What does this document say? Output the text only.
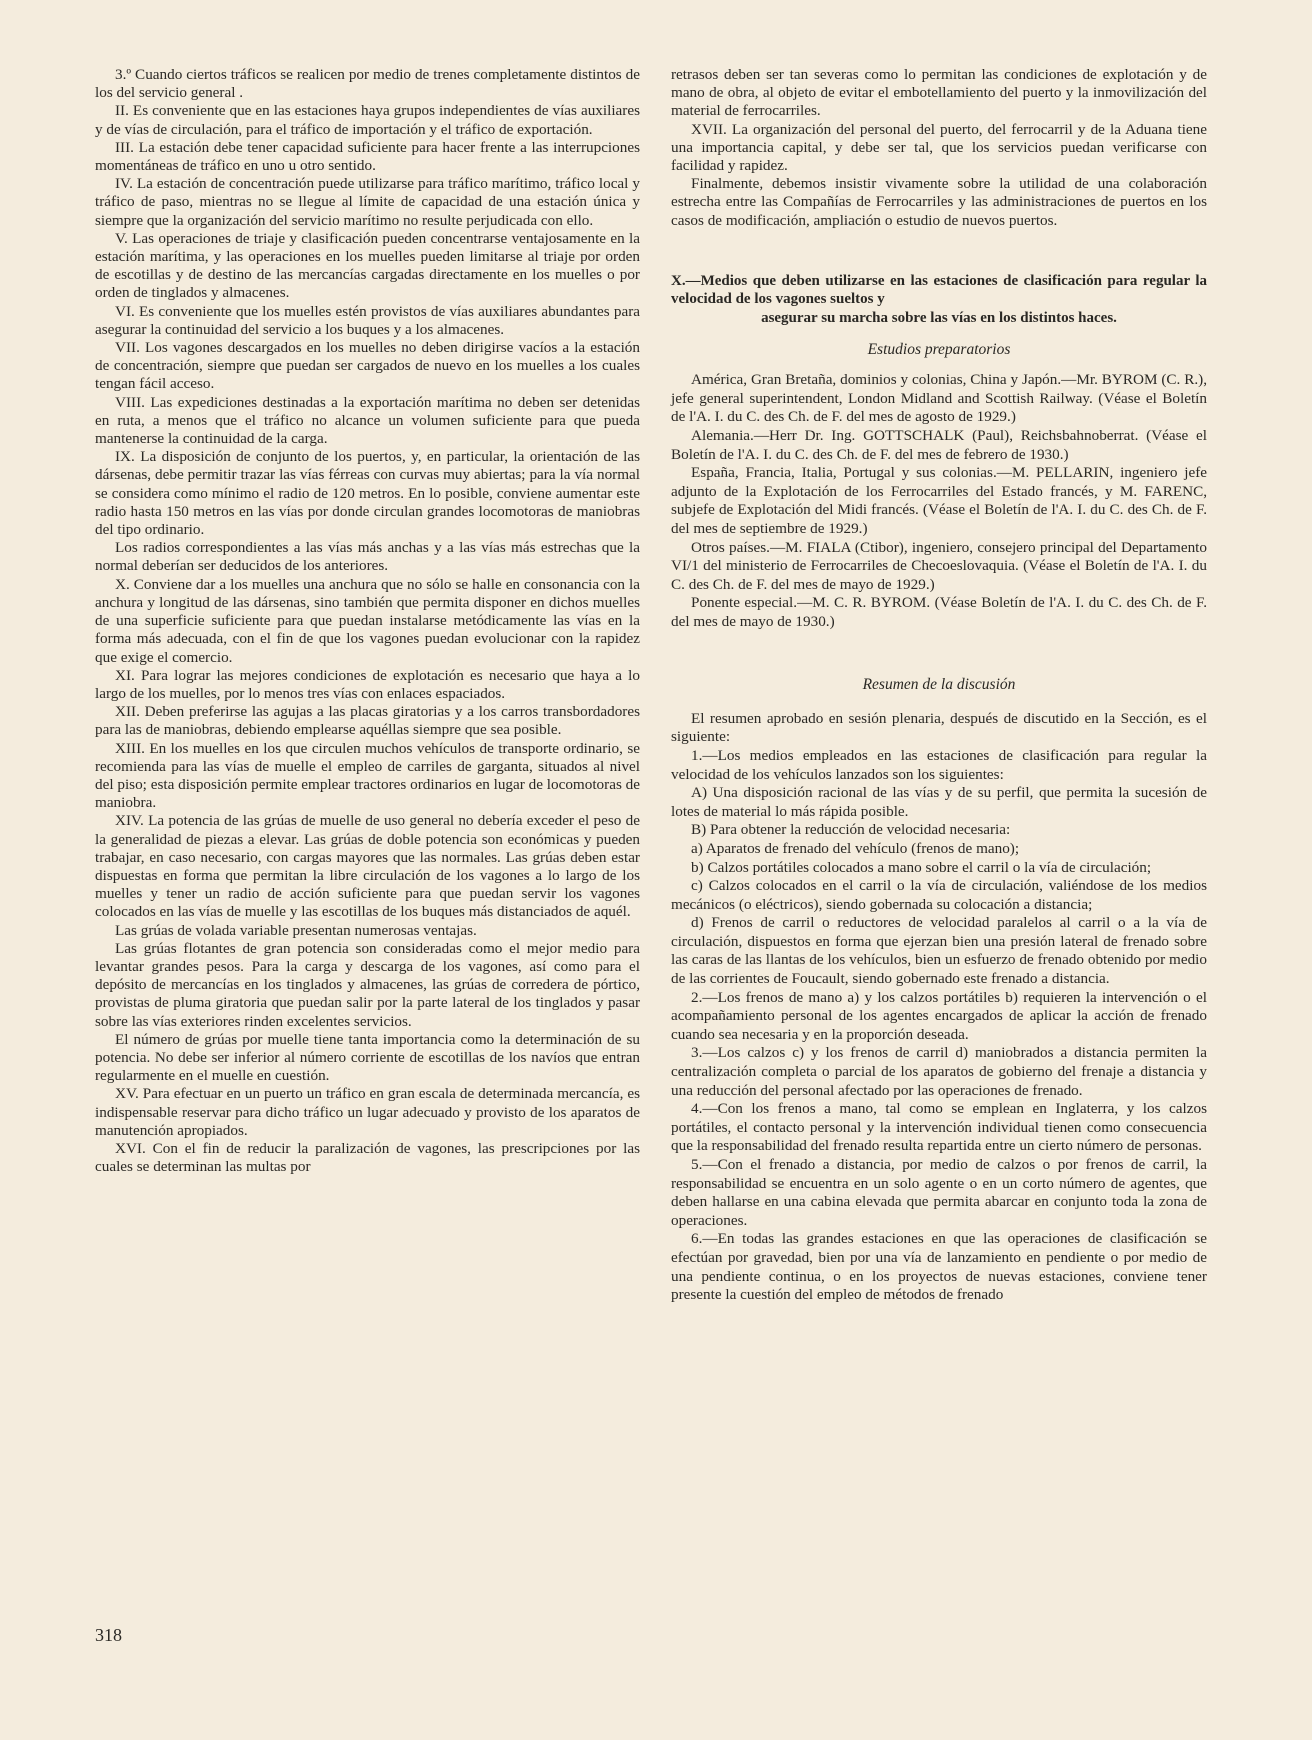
3.º Cuando ciertos tráficos se realicen por medio de trenes completamente distintos de los del servicio general .

II. Es conveniente que en las estaciones haya grupos independientes de vías auxiliares y de vías de circulación, para el tráfico de importación y el tráfico de exportación.

III. La estación debe tener capacidad suficiente para hacer frente a las interrupciones momentáneas de tráfico en uno u otro sentido.

IV. La estación de concentración puede utilizarse para tráfico marítimo, tráfico local y tráfico de paso, mientras no se llegue al límite de capacidad de una estación única y siempre que la organización del servicio marítimo no resulte perjudicada con ello.

V. Las operaciones de triaje y clasificación pueden concentrarse ventajosamente en la estación marítima, y las operaciones en los muelles pueden limitarse al triaje por orden de escotillas y de destino de las mercancías cargadas directamente en los muelles o por orden de tinglados y almacenes.

VI. Es conveniente que los muelles estén provistos de vías auxiliares abundantes para asegurar la continuidad del servicio a los buques y a los almacenes.

VII. Los vagones descargados en los muelles no deben dirigirse vacíos a la estación de concentración, siempre que puedan ser cargados de nuevo en los muelles a los cuales tengan fácil acceso.

VIII. Las expediciones destinadas a la exportación marítima no deben ser detenidas en ruta, a menos que el tráfico no alcance un volumen suficiente para que pueda mantenerse la continuidad de la carga.

IX. La disposición de conjunto de los puertos, y, en particular, la orientación de las dársenas, debe permitir trazar las vías férreas con curvas muy abiertas; para la vía normal se considera como mínimo el radio de 120 metros. En lo posible, conviene aumentar este radio hasta 150 metros en las vías por donde circulan grandes locomotoras de maniobras del tipo ordinario.

Los radios correspondientes a las vías más anchas y a las vías más estrechas que la normal deberían ser deducidos de los anteriores.

X. Conviene dar a los muelles una anchura que no sólo se halle en consonancia con la anchura y longitud de las dársenas, sino también que permita disponer en dichos muelles de una superficie suficiente para que puedan instalarse metódicamente las vías en la forma más adecuada, con el fin de que los vagones puedan evolucionar con la rapidez que exige el comercio.

XI. Para lograr las mejores condiciones de explotación es necesario que haya a lo largo de los muelles, por lo menos tres vías con enlaces espaciados.

XII. Deben preferirse las agujas a las placas giratorias y a los carros transbordadores para las de maniobras, debiendo emplearse aquéllas siempre que sea posible.

XIII. En los muelles en los que circulen muchos vehículos de transporte ordinario, se recomienda para las vías de muelle el empleo de carriles de garganta, situados al nivel del piso; esta disposición permite emplear tractores ordinarios en lugar de locomotoras de maniobra.

XIV. La potencia de las grúas de muelle de uso general no debería exceder el peso de la generalidad de piezas a elevar. Las grúas de doble potencia son económicas y pueden trabajar, en caso necesario, con cargas mayores que las normales. Las grúas deben estar dispuestas en forma que permitan la libre circulación de los vagones a lo largo de los muelles y tener un radio de acción suficiente para que puedan servir los vagones colocados en las vías de muelle y las escotillas de los buques más distanciados de aquél.

Las grúas de volada variable presentan numerosas ventajas.

Las grúas flotantes de gran potencia son consideradas como el mejor medio para levantar grandes pesos. Para la carga y descarga de los vagones, así como para el depósito de mercancías en los tinglados y almacenes, las grúas de corredera de pórtico, provistas de pluma giratoria que puedan salir por la parte lateral de los tinglados y pasar sobre las vías exteriores rinden excelentes servicios.

El número de grúas por muelle tiene tanta importancia como la determinación de su potencia. No debe ser inferior al número corriente de escotillas de los navíos que entran regularmente en el muelle en cuestión.

XV. Para efectuar en un puerto un tráfico en gran escala de determinada mercancía, es indispensable reservar para dicho tráfico un lugar adecuado y provisto de los aparatos de manutención apropiados.

XVI. Con el fin de reducir la paralización de vagones, las prescripciones por las cuales se determinan las multas por

retrasos deben ser tan severas como lo permitan las condiciones de explotación y de mano de obra, al objeto de evitar el embotellamiento del puerto y la inmovilización del material de ferrocarriles.

XVII. La organización del personal del puerto, del ferrocarril y de la Aduana tiene una importancia capital, y debe ser tal, que los servicios puedan verificarse con facilidad y rapidez.

Finalmente, debemos insistir vivamente sobre la utilidad de una colaboración estrecha entre las Compañías de Ferrocarriles y las administraciones de puertos en los casos de modificación, ampliación o estudio de nuevos puertos.

X.—Medios que deben utilizarse en las estaciones de clasificación para regular la velocidad de los vagones sueltos y
asegurar su marcha sobre las vías en los distintos haces.

Estudios preparatorios

América, Gran Bretaña, dominios y colonias, China y Japón.—Mr. BYROM (C. R.), jefe general superintendent, London Midland and Scottish Railway. (Véase el Boletín de l'A. I. du C. des Ch. de F. del mes de agosto de 1929.)

Alemania.—Herr Dr. Ing. GOTTSCHALK (Paul), Reichsbahnoberrat. (Véase el Boletín de l'A. I. du C. des Ch. de F. del mes de febrero de 1930.)

España, Francia, Italia, Portugal y sus colonias.—M. PELLARIN, ingeniero jefe adjunto de la Explotación de los Ferrocarriles del Estado francés, y M. FARENC, subjefe de Explotación del Midi francés. (Véase el Boletín de l'A. I. du C. des Ch. de F. del mes de septiembre de 1929.)

Otros países.—M. FIALA (Ctibor), ingeniero, consejero principal del Departamento VI/1 del ministerio de Ferrocarriles de Checoeslovaquia. (Véase el Boletín de l'A. I. du C. des Ch. de F. del mes de mayo de 1929.)

Ponente especial.—M. C. R. BYROM. (Véase Boletín de l'A. I. du C. des Ch. de F. del mes de mayo de 1930.)

Resumen de la discusión

El resumen aprobado en sesión plenaria, después de discutido en la Sección, es el siguiente:

1.—Los medios empleados en las estaciones de clasificación para regular la velocidad de los vehículos lanzados son los siguientes:

A) Una disposición racional de las vías y de su perfil, que permita la sucesión de lotes de material lo más rápida posible.

B) Para obtener la reducción de velocidad necesaria:

a) Aparatos de frenado del vehículo (frenos de mano);

b) Calzos portátiles colocados a mano sobre el carril o la vía de circulación;

c) Calzos colocados en el carril o la vía de circulación, valiéndose de los medios mecánicos (o eléctricos), siendo gobernada su colocación a distancia;

d) Frenos de carril o reductores de velocidad paralelos al carril o a la vía de circulación, dispuestos en forma que ejerzan bien una presión lateral de frenado sobre las caras de las llantas de los vehículos, bien un esfuerzo de frenado obtenido por medio de las corrientes de Foucault, siendo gobernado este frenado a distancia.

2.—Los frenos de mano a) y los calzos portátiles b) requieren la intervención o el acompañamiento personal de los agentes encargados de aplicar la acción de frenado cuando sea necesaria y en la proporción deseada.

3.—Los calzos c) y los frenos de carril d) maniobrados a distancia permiten la centralización completa o parcial de los aparatos de gobierno del frenaje a distancia y una reducción del personal afectado por las operaciones de frenado.

4.—Con los frenos a mano, tal como se emplean en Inglaterra, y los calzos portátiles, el contacto personal y la intervención individual tienen como consecuencia que la responsabilidad del frenado resulta repartida entre un cierto número de personas.

5.—Con el frenado a distancia, por medio de calzos o por frenos de carril, la responsabilidad se encuentra en un solo agente o en un corto número de agentes, que deben hallarse en una cabina elevada que permita abarcar en conjunto toda la zona de operaciones.

6.—En todas las grandes estaciones en que las operaciones de clasificación se efectúan por gravedad, bien por una vía de lanzamiento en pendiente o por medio de una pendiente continua, o en los proyectos de nuevas estaciones, conviene tener presente la cuestión del empleo de métodos de frenado

318
